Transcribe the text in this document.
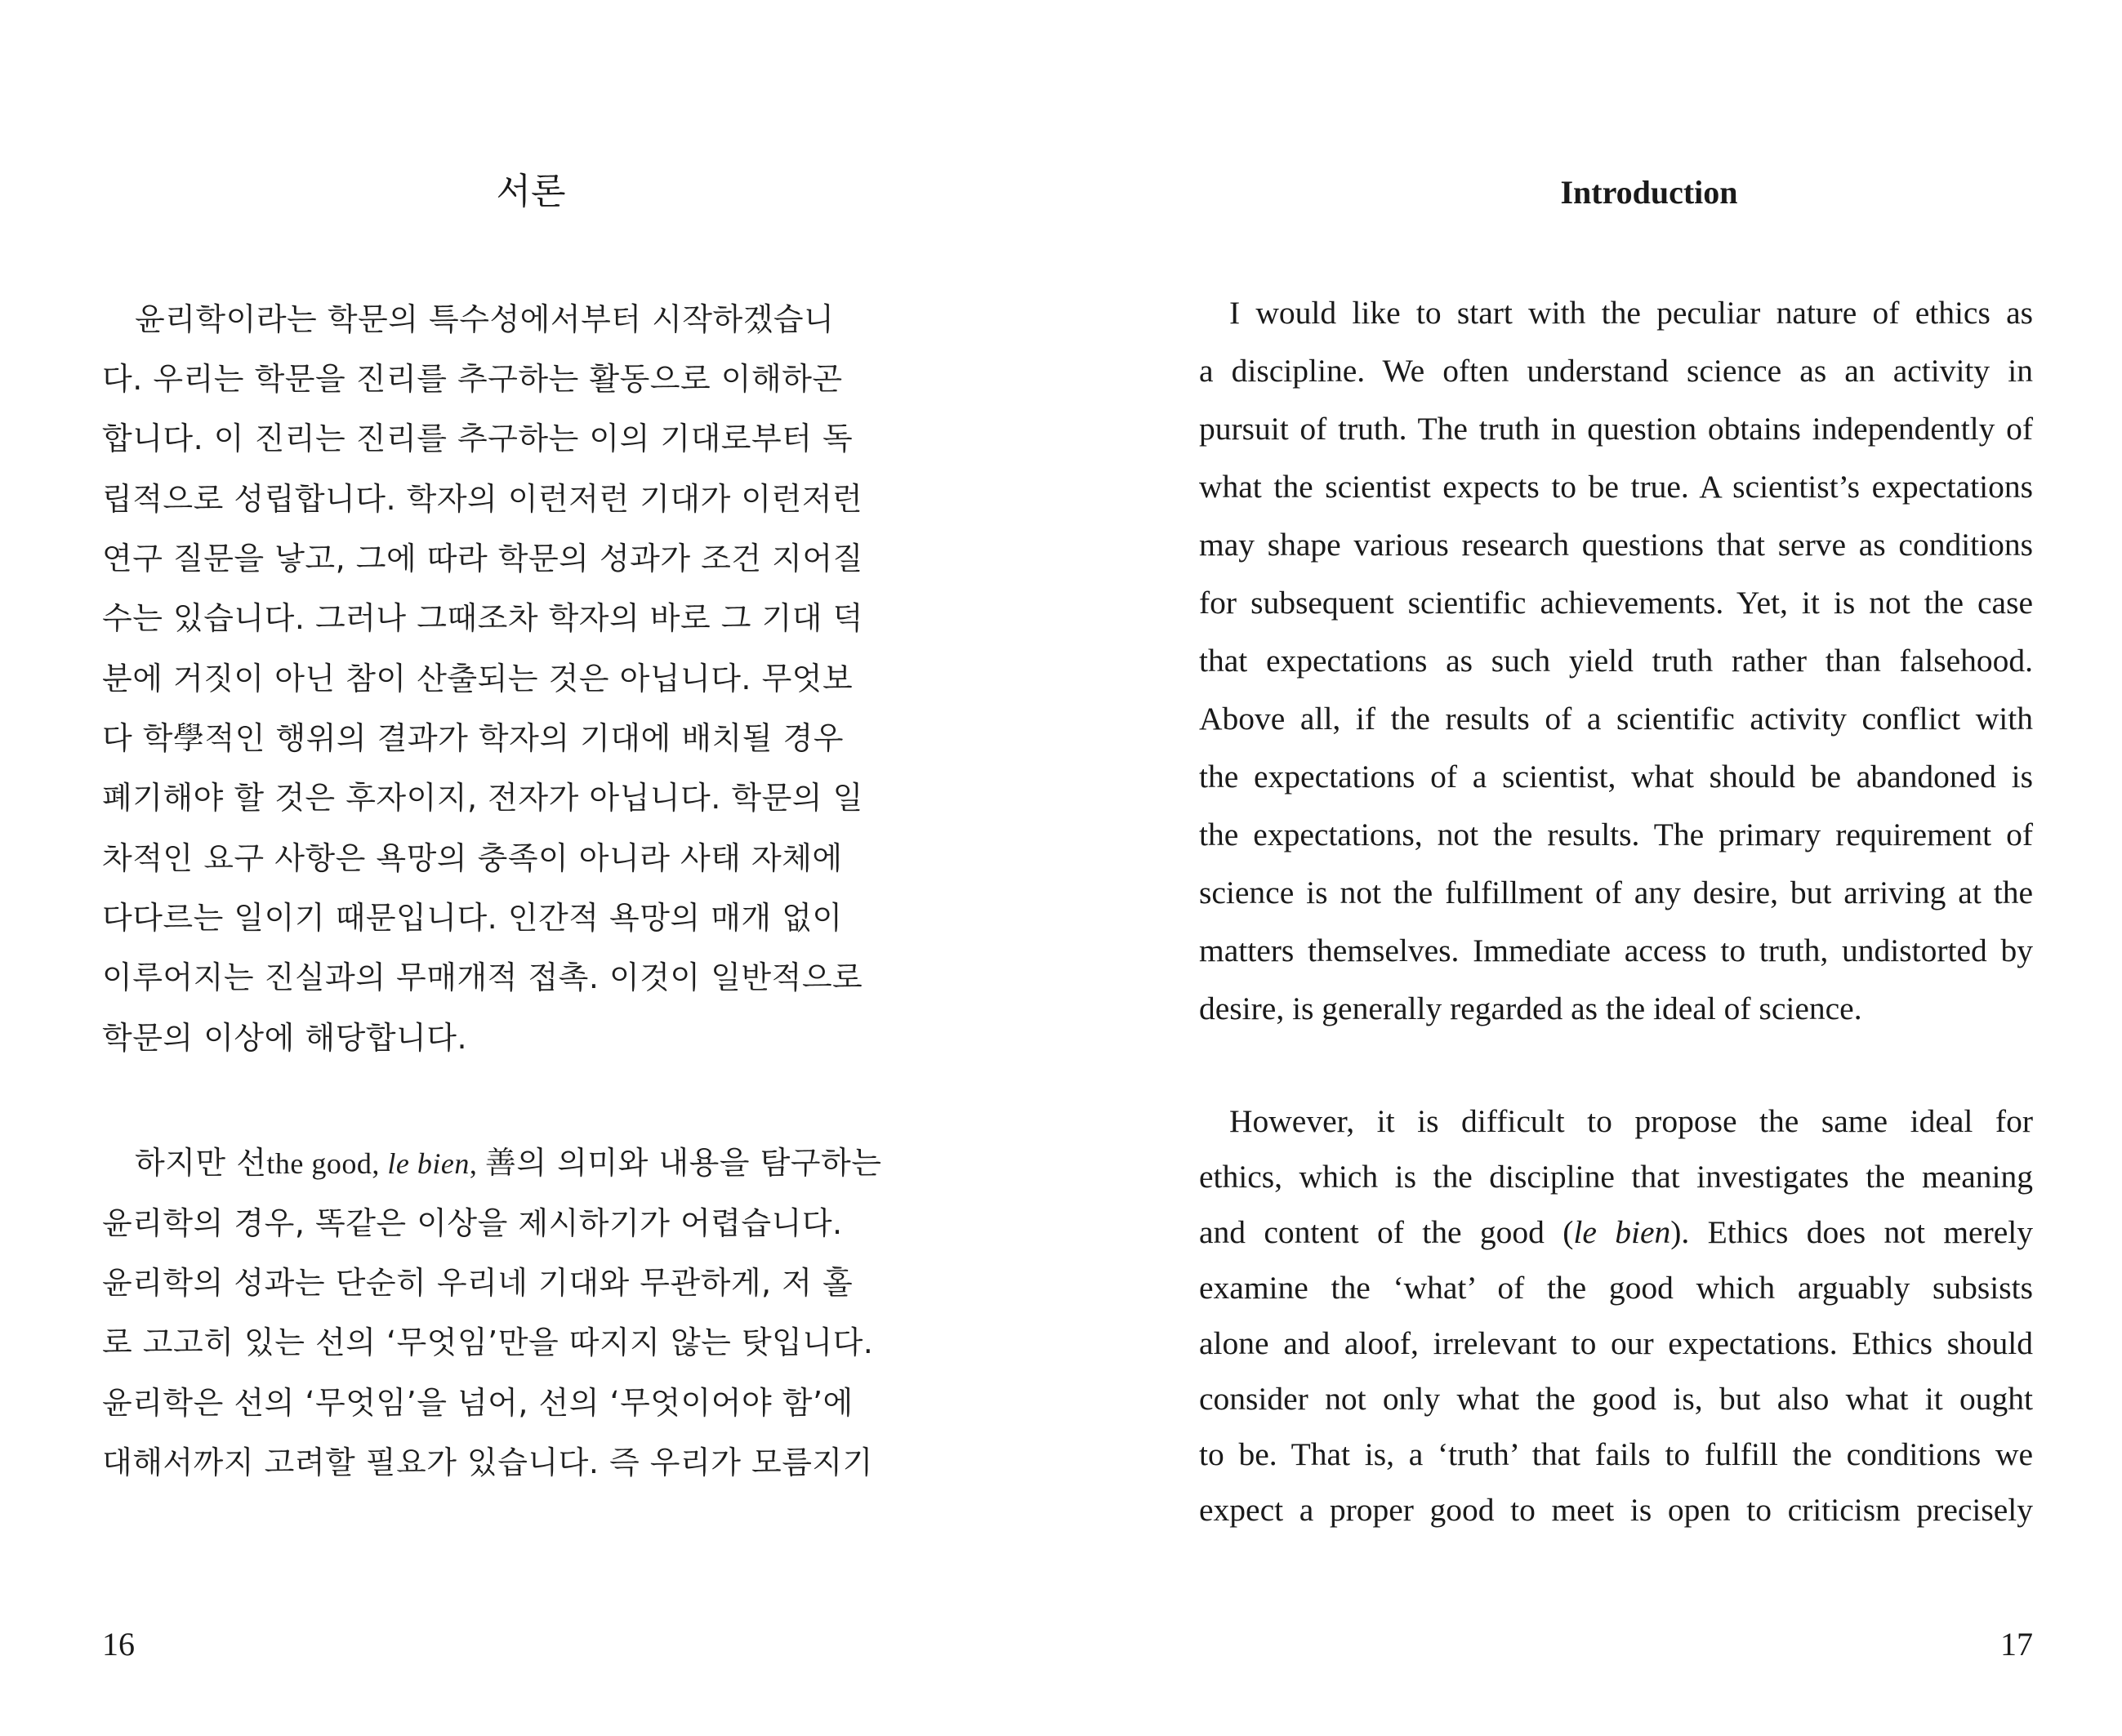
서론

윤리학이라는 학문의 특수성에서부터 시작하겠습니

다. 우리는 학문을 진리를 추구하는 활동으로 이해하곤

합니다. 이 진리는 진리를 추구하는 이의 기대로부터 독

립적으로 성립합니다. 학자의 이런저런 기대가 이런저런

연구 질문을 낳고, 그에 따라 학문의 성과가 조건 지어질

수는 있습니다. 그러나 그때조차 학자의 바로 그 기대 덕

분에 거짓이 아닌 참이 산출되는 것은 아닙니다. 무엇보

다 학學적인 행위의 결과가 학자의 기대에 배치될 경우

폐기해야 할 것은 후자이지, 전자가 아닙니다. 학문의 일

차적인 요구 사항은 욕망의 충족이 아니라 사태 자체에

다다르는 일이기 때문입니다. 인간적 욕망의 매개 없이

이루어지는 진실과의 무매개적 접촉. 이것이 일반적으로

학문의 이상에 해당합니다.

하지만 선the good, le bien, 善의 의미와 내용을 탐구하는

윤리학의 경우, 똑같은 이상을 제시하기가 어렵습니다.

윤리학의 성과는 단순히 우리네 기대와 무관하게, 저 홀

로 고고히 있는 선의 ‘무엇임’만을 따지지 않는 탓입니다.

윤리학은 선의 ‘무엇임’을 넘어, 선의 ‘무엇이어야 함’에

대해서까지 고려할 필요가 있습니다. 즉 우리가 모름지기

16

Introduction

I would like to start with the peculiar nature of ethics as

a discipline. We often understand science as an activity in

pursuit of truth. The truth in question obtains independently of

what the scientist expects to be true. A scientist’s expectations

may shape various research questions that serve as conditions

for subsequent scientific achievements. Yet, it is not the case

that expectations as such yield truth rather than falsehood.

Above all, if the results of a scientific activity conflict with

the expectations of a scientist, what should be abandoned is

the expectations, not the results. The primary requirement of

science is not the fulfillment of any desire, but arriving at the

matters themselves. Immediate access to truth, undistorted by

desire, is generally regarded as the ideal of science.

However, it is difficult to propose the same ideal for

ethics, which is the discipline that investigates the meaning

and content of the good (le bien). Ethics does not merely

examine the ‘what’ of the good which arguably subsists

alone and aloof, irrelevant to our expectations. Ethics should

consider not only what the good is, but also what it ought

to be. That is, a ‘truth’ that fails to fulfill the conditions we

expect a proper good to meet is open to criticism precisely

17
